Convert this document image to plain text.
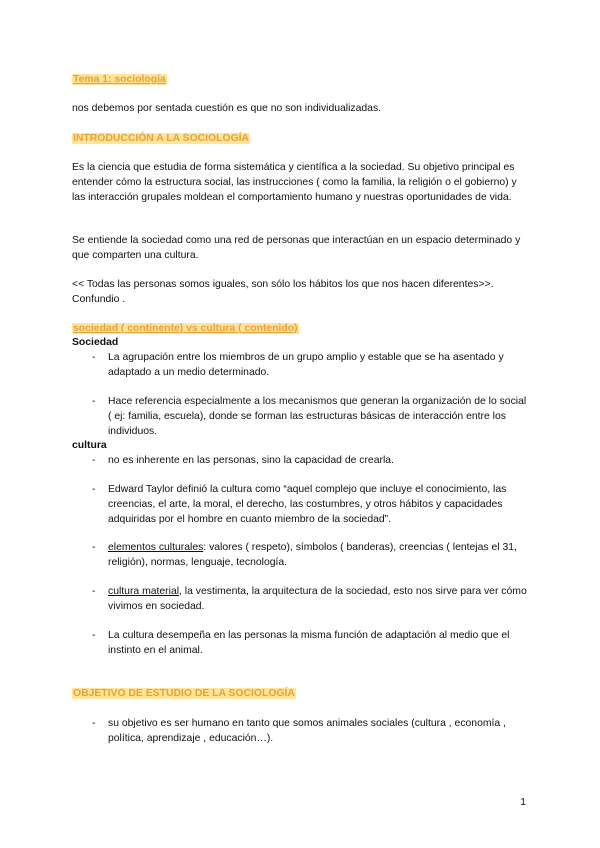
Tema 1: sociología

nos debemos por sentada cuestión es que no son individualizadas.

INTRODUCCIÓN A LA SOCIOLOGÍA

Es la ciencia que estudia de forma sistemática y científica a la sociedad. Su objetivo principal es entender cómo la estructura social, las instrucciones ( como la familia, la religión o el gobierno) y las interacción grupales moldean el comportamiento humano y nuestras oportunidades de vida.

Se entiende la sociedad como una red de personas que interactúan en un espacio determinado y que comparten una cultura.

<< Todas las personas somos iguales, son sólo los hábitos los que nos hacen diferentes>>. Confundio .

sociedad ( continente) vs cultura ( contenido)

Sociedad

- La agrupación entre los miembros de un grupo amplio y estable que se ha asentado y adaptado a un medio determinado.
- Hace referencia especialmente a los mecanismos que generan la organización de lo social ( ej: familia, escuela), donde se forman las estructuras básicas de interacción entre los individuos.

cultura

- no es inherente en las personas, sino la capacidad de crearla.
- Edward Taylor definió la cultura como “aquel complejo que incluye el conocimiento, las creencias, el arte, la moral, el derecho, las costumbres, y otros hábitos y capacidades adquiridas por el hombre en cuanto miembro de la sociedad”.
- elementos culturales: valores ( respeto), símbolos ( banderas), creencias ( lentejas el 31, religión), normas, lenguaje, tecnología.
- cultura material, la vestimenta, la arquitectura de la sociedad, esto nos sirve para ver cómo vivimos en sociedad.
- La cultura desempeña en las personas la misma función de adaptación al medio que el instinto en el animal.
OBJETIVO DE ESTUDIO DE LA SOCIOLOGÍA
- su objetivo es ser humano en tanto que somos animales sociales (cultura , economía , política, aprendizaje , educación…).
1
